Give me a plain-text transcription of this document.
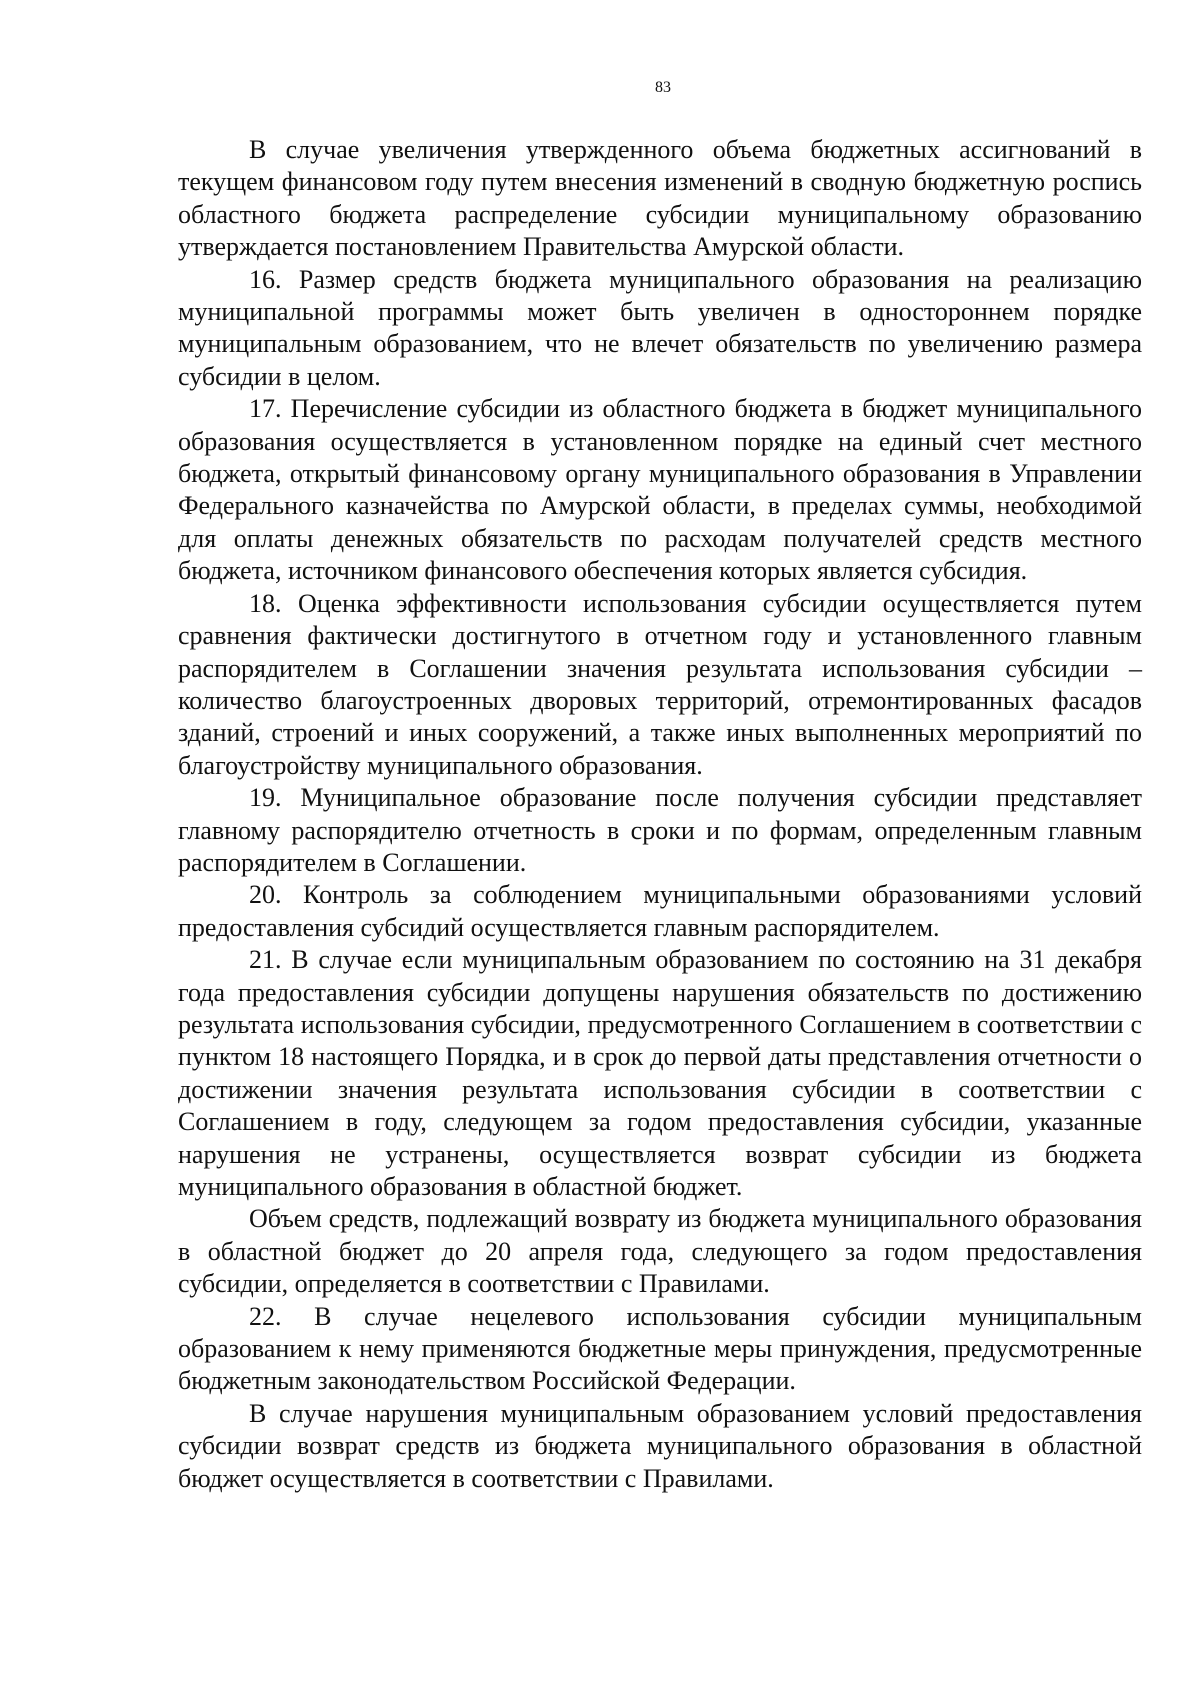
83

В случае увеличения утвержденного объема бюджетных ассигнований в текущем финансовом году путем внесения изменений в сводную бюджетную роспись областного бюджета распределение субсидии муниципальному образованию утверждается постановлением Правительства Амурской области.

16. Размер средств бюджета муниципального образования на реализацию муниципальной программы может быть увеличен в одностороннем порядке муниципальным образованием, что не влечет обязательств по увеличению размера субсидии в целом.

17. Перечисление субсидии из областного бюджета в бюджет муниципального образования осуществляется в установленном порядке на единый счет местного бюджета, открытый финансовому органу муниципального образования в Управлении Федерального казначейства по Амурской области, в пределах суммы, необходимой для оплаты денежных обязательств по расходам получателей средств местного бюджета, источником финансового обеспечения которых является субсидия.

18. Оценка эффективности использования субсидии осуществляется путем сравнения фактически достигнутого в отчетном году и установленного главным распорядителем в Соглашении значения результата использования субсидии – количество благоустроенных дворовых территорий, отремонтированных фасадов зданий, строений и иных сооружений, а также иных выполненных мероприятий по благоустройству муниципального образования.

19. Муниципальное образование после получения субсидии представляет главному распорядителю отчетность в сроки и по формам, определенным главным распорядителем в Соглашении.

20. Контроль за соблюдением муниципальными образованиями условий предоставления субсидий осуществляется главным распорядителем.

21. В случае если муниципальным образованием по состоянию на 31 декабря года предоставления субсидии допущены нарушения обязательств по достижению результата использования субсидии, предусмотренного Соглашением в соответствии с пунктом 18 настоящего Порядка, и в срок до первой даты представления отчетности о достижении значения результата использования субсидии в соответствии с Соглашением в году, следующем за годом предоставления субсидии, указанные нарушения не устранены, осуществляется возврат субсидии из бюджета муниципального образования в областной бюджет.

Объем средств, подлежащий возврату из бюджета муниципального образования в областной бюджет до 20 апреля года, следующего за годом предоставления субсидии, определяется в соответствии с Правилами.

22. В случае нецелевого использования субсидии муниципальным образованием к нему применяются бюджетные меры принуждения, предусмотренные бюджетным законодательством Российской Федерации.

В случае нарушения муниципальным образованием условий предоставления субсидии возврат средств из бюджета муниципального образования в областной бюджет осуществляется в соответствии с Правилами.
